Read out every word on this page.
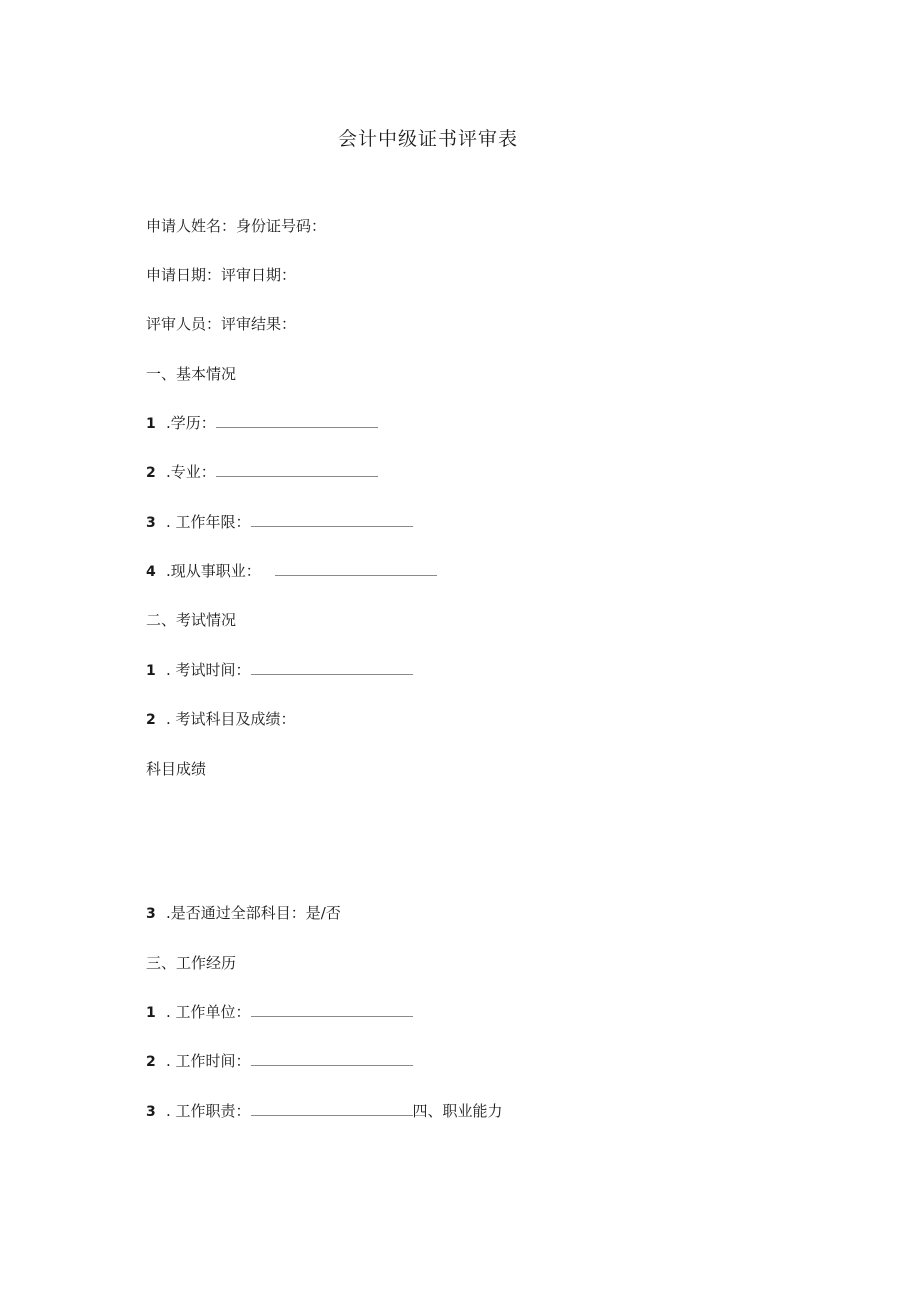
会计中级证书评审表
申请人姓名：身份证号码：
申请日期：评审日期：
评审人员：评审结果：
一、基本情况
1 .学历：
2 .专业：
3 . 工作年限：
4 .现从事职业：
二、考试情况
1 . 考试时间：
2 . 考试科目及成绩：
科目成绩
3 .是否通过全部科目：是/否
三、工作经历
1 . 工作单位：
2 . 工作时间：
3 . 工作职责：	四、职业能力
